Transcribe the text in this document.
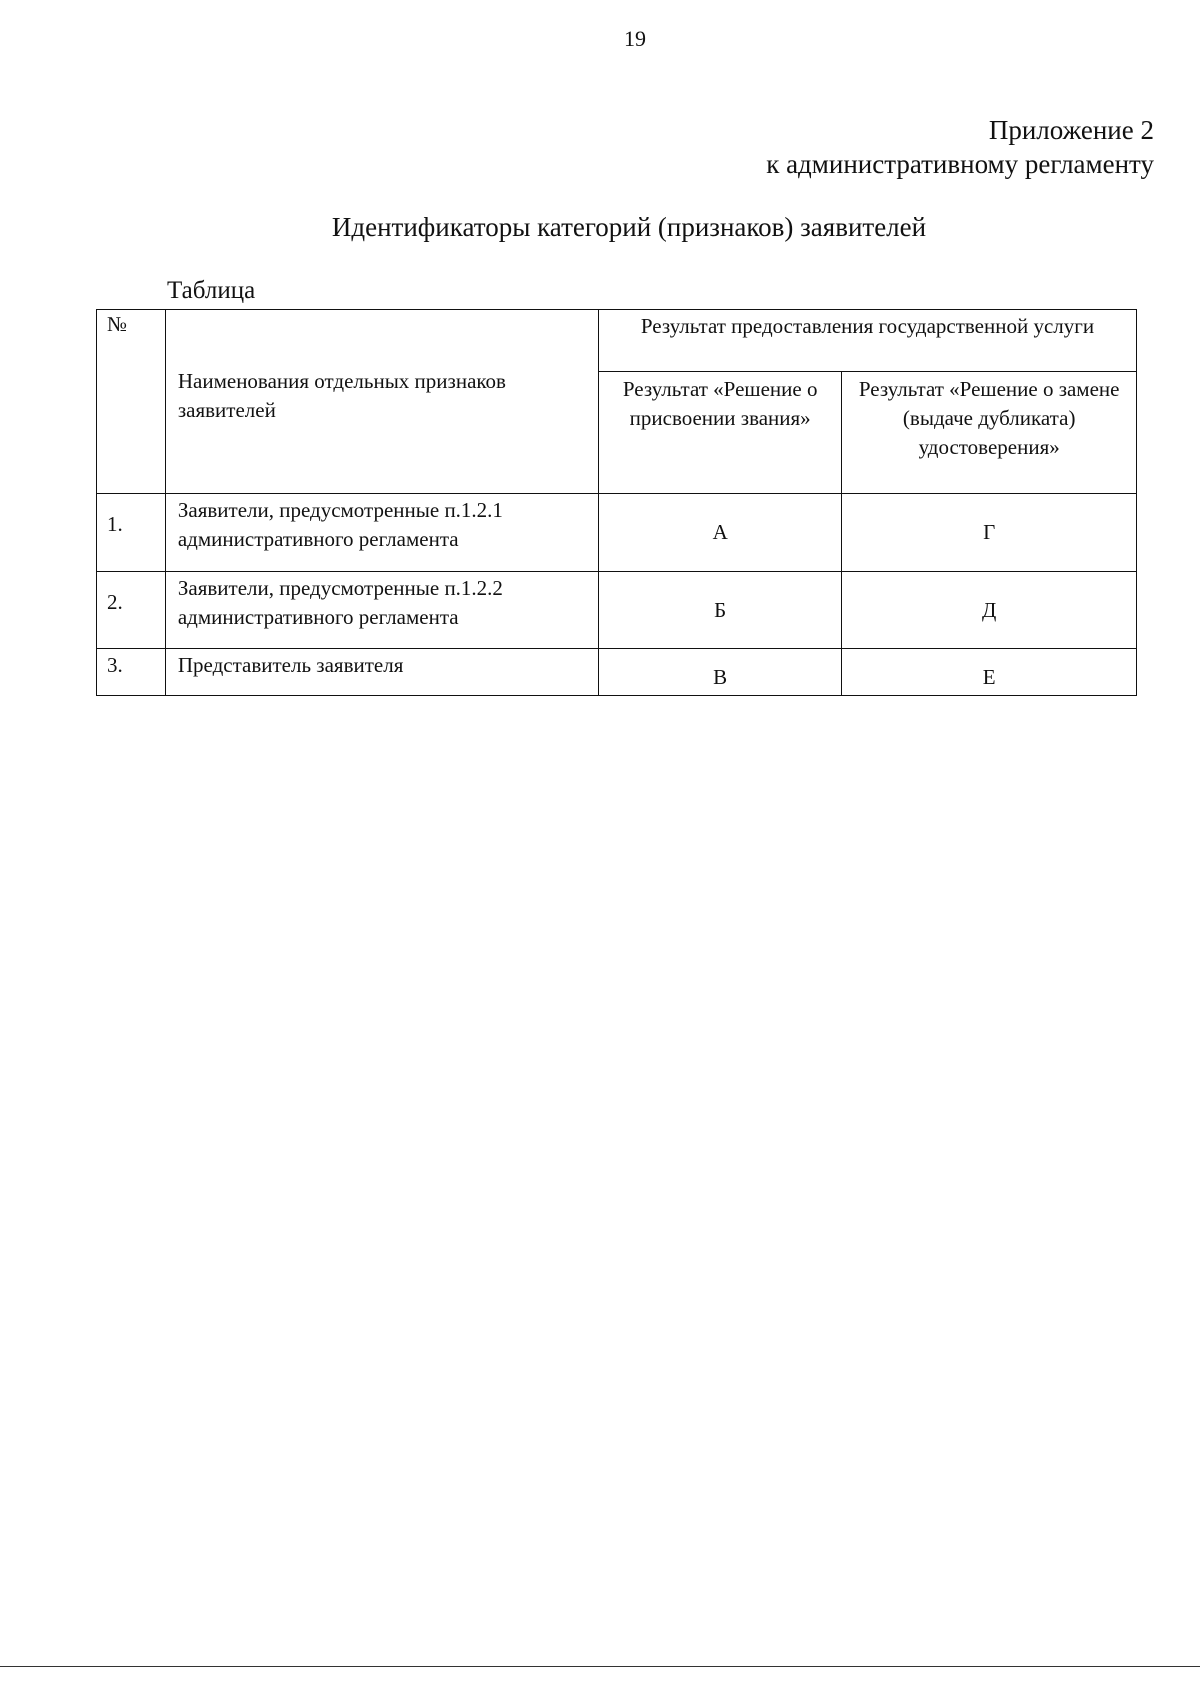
19
Приложение 2
к административному регламенту
Идентификаторы категорий (признаков) заявителей
Таблица
№	Наименования отдельных признаков заявителей	Результат предоставления государственной услуги	
		Результат «Решение о присвоении звания»	Результат «Решение о замене (выдаче дубликата) удостоверения»
1.	Заявители, предусмотренные п.1.2.1 административного регламента	А	Г
2.	Заявители, предусмотренные п.1.2.2 административного регламента	Б	Д
3.	Представитель заявителя	В	Е
